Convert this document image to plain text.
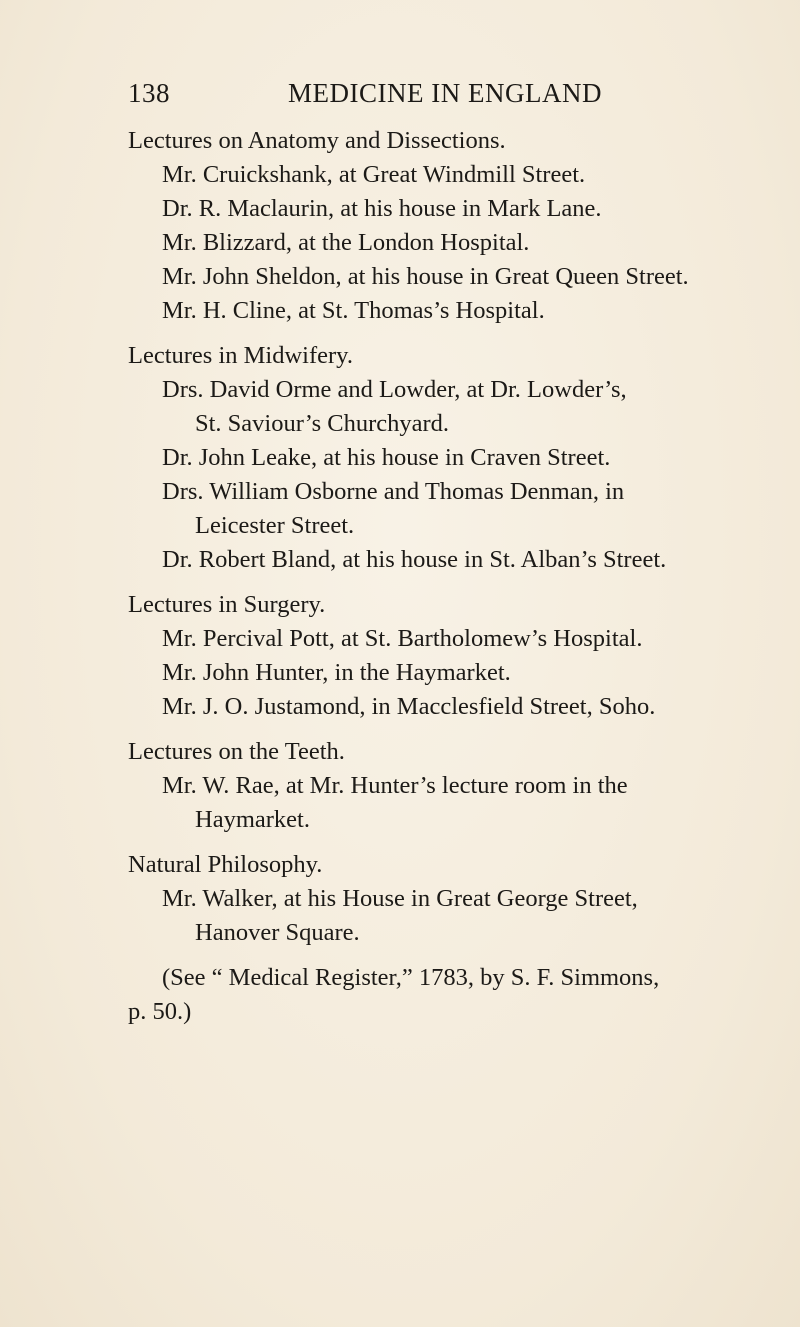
138	MEDICINE IN ENGLAND
Lectures on Anatomy and Dissections.
Mr. Cruickshank, at Great Windmill Street.
Dr. R. Maclaurin, at his house in Mark Lane.
Mr. Blizzard, at the London Hospital.
Mr. John Sheldon, at his house in Great Queen Street.
Mr. H. Cline, at St. Thomas’s Hospital.
Lectures in Midwifery.
Drs. David Orme and Lowder, at Dr. Lowder’s,
St. Saviour’s Churchyard.
Dr. John Leake, at his house in Craven Street.
Drs. William Osborne and Thomas Denman, in
Leicester Street.
Dr. Robert Bland, at his house in St. Alban’s Street.
Lectures in Surgery.
Mr. Percival Pott, at St. Bartholomew’s Hospital.
Mr. John Hunter, in the Haymarket.
Mr. J. O. Justamond, in Macclesfield Street, Soho.
Lectures on the Teeth.
Mr. W. Rae, at Mr. Hunter’s lecture room in the
Haymarket.
Natural Philosophy.
Mr. Walker, at his House in Great George Street,
Hanover Square.
(See “ Medical Register,” 1783, by S. F. Simmons,
p. 50.)
